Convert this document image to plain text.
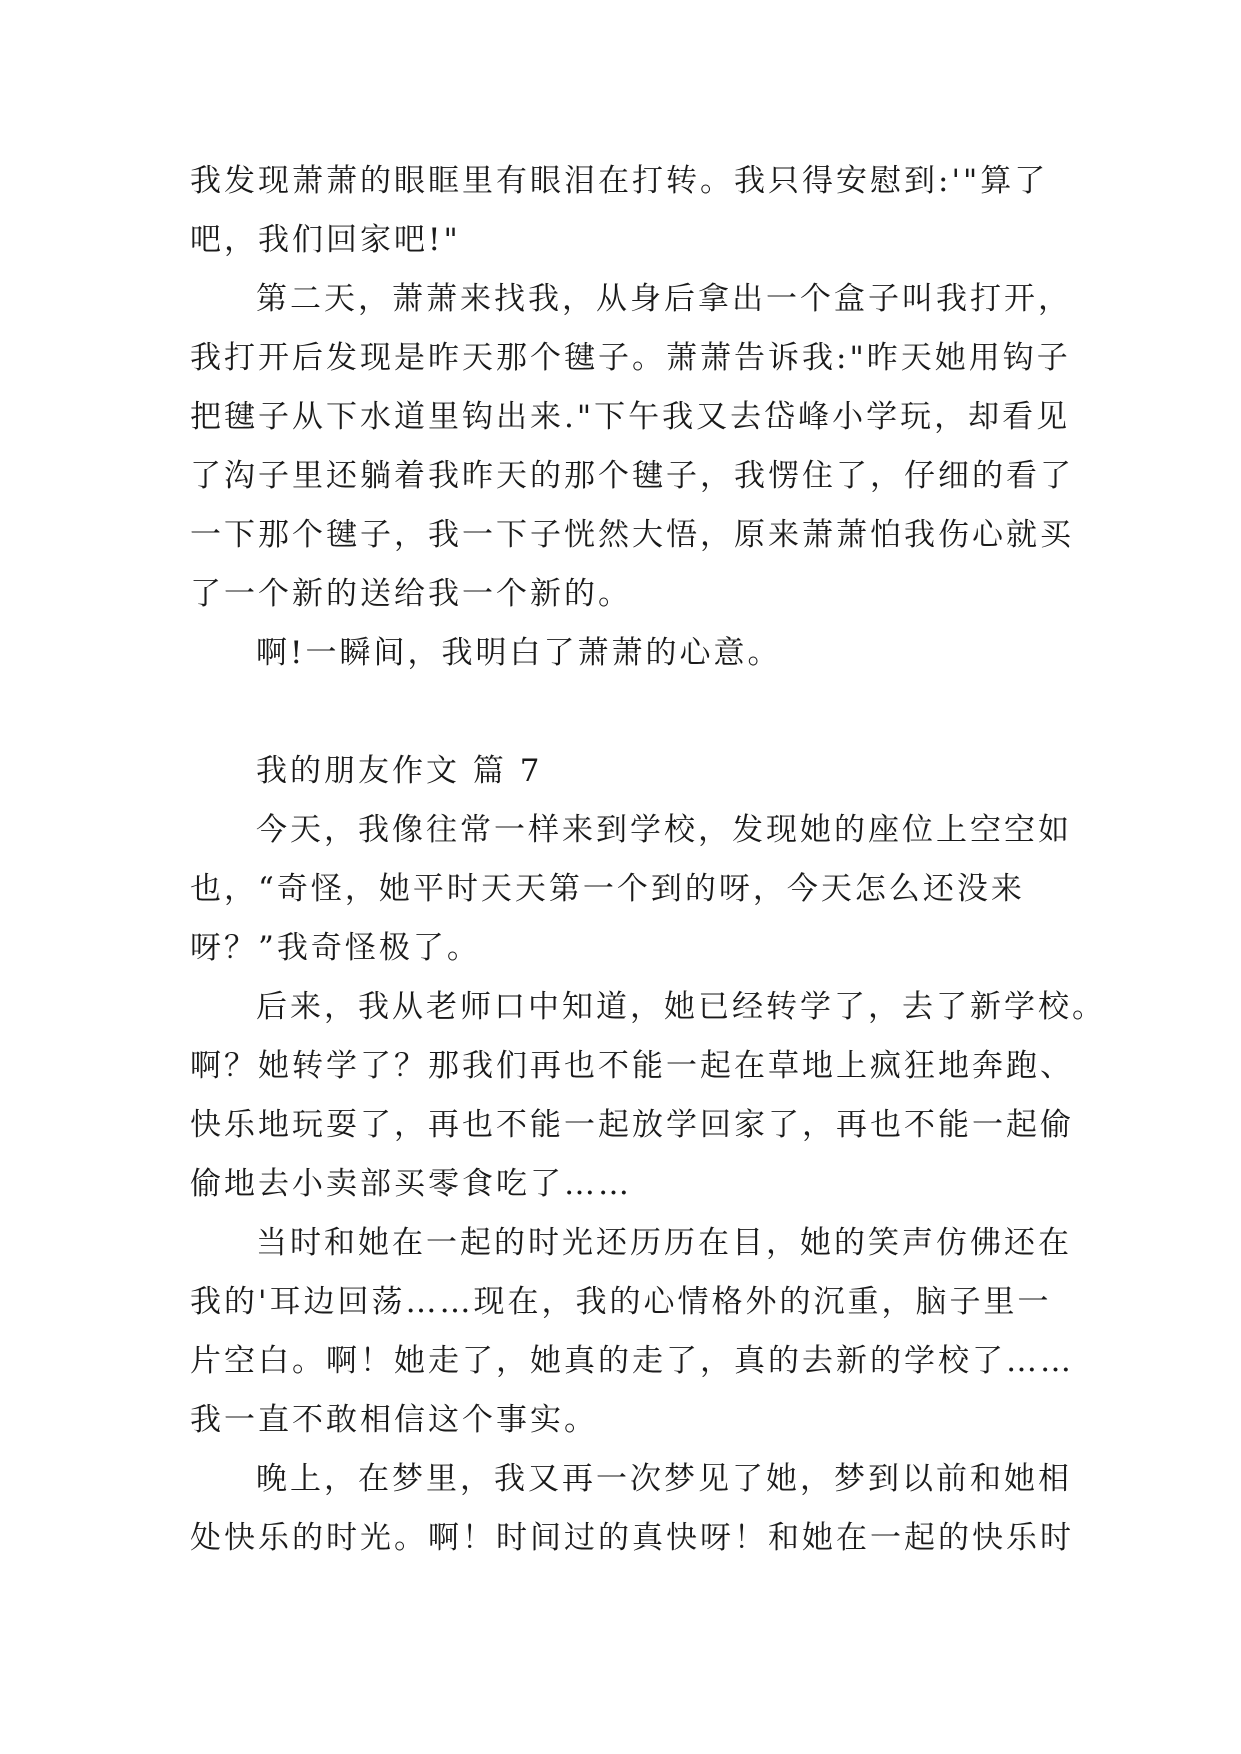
我发现萧萧的眼眶里有眼泪在打转。我只得安慰到:'"算了
吧，我们回家吧!"
第二天，萧萧来找我，从身后拿出一个盒子叫我打开，
我打开后发现是昨天那个毽子。萧萧告诉我:"昨天她用钩子
把毽子从下水道里钩出来."下午我又去岱峰小学玩，却看见
了沟子里还躺着我昨天的那个毽子，我愣住了，仔细的看了
一下那个毽子，我一下子恍然大悟，原来萧萧怕我伤心就买
了一个新的送给我一个新的。
啊!一瞬间，我明白了萧萧的心意。
我的朋友作文 篇 7
今天，我像往常一样来到学校，发现她的座位上空空如
也，“奇怪，她平时天天第一个到的呀，今天怎么还没来
呀？”我奇怪极了。
后来，我从老师口中知道，她已经转学了，去了新学校。
啊？她转学了？那我们再也不能一起在草地上疯狂地奔跑、
快乐地玩耍了，再也不能一起放学回家了，再也不能一起偷
偷地去小卖部买零食吃了……
当时和她在一起的时光还历历在目，她的笑声仿佛还在
我的'耳边回荡……现在，我的心情格外的沉重，脑子里一
片空白。啊！她走了，她真的走了，真的去新的学校了……
我一直不敢相信这个事实。
晚上，在梦里，我又再一次梦见了她，梦到以前和她相
处快乐的时光。啊！时间过的真快呀！和她在一起的快乐时
